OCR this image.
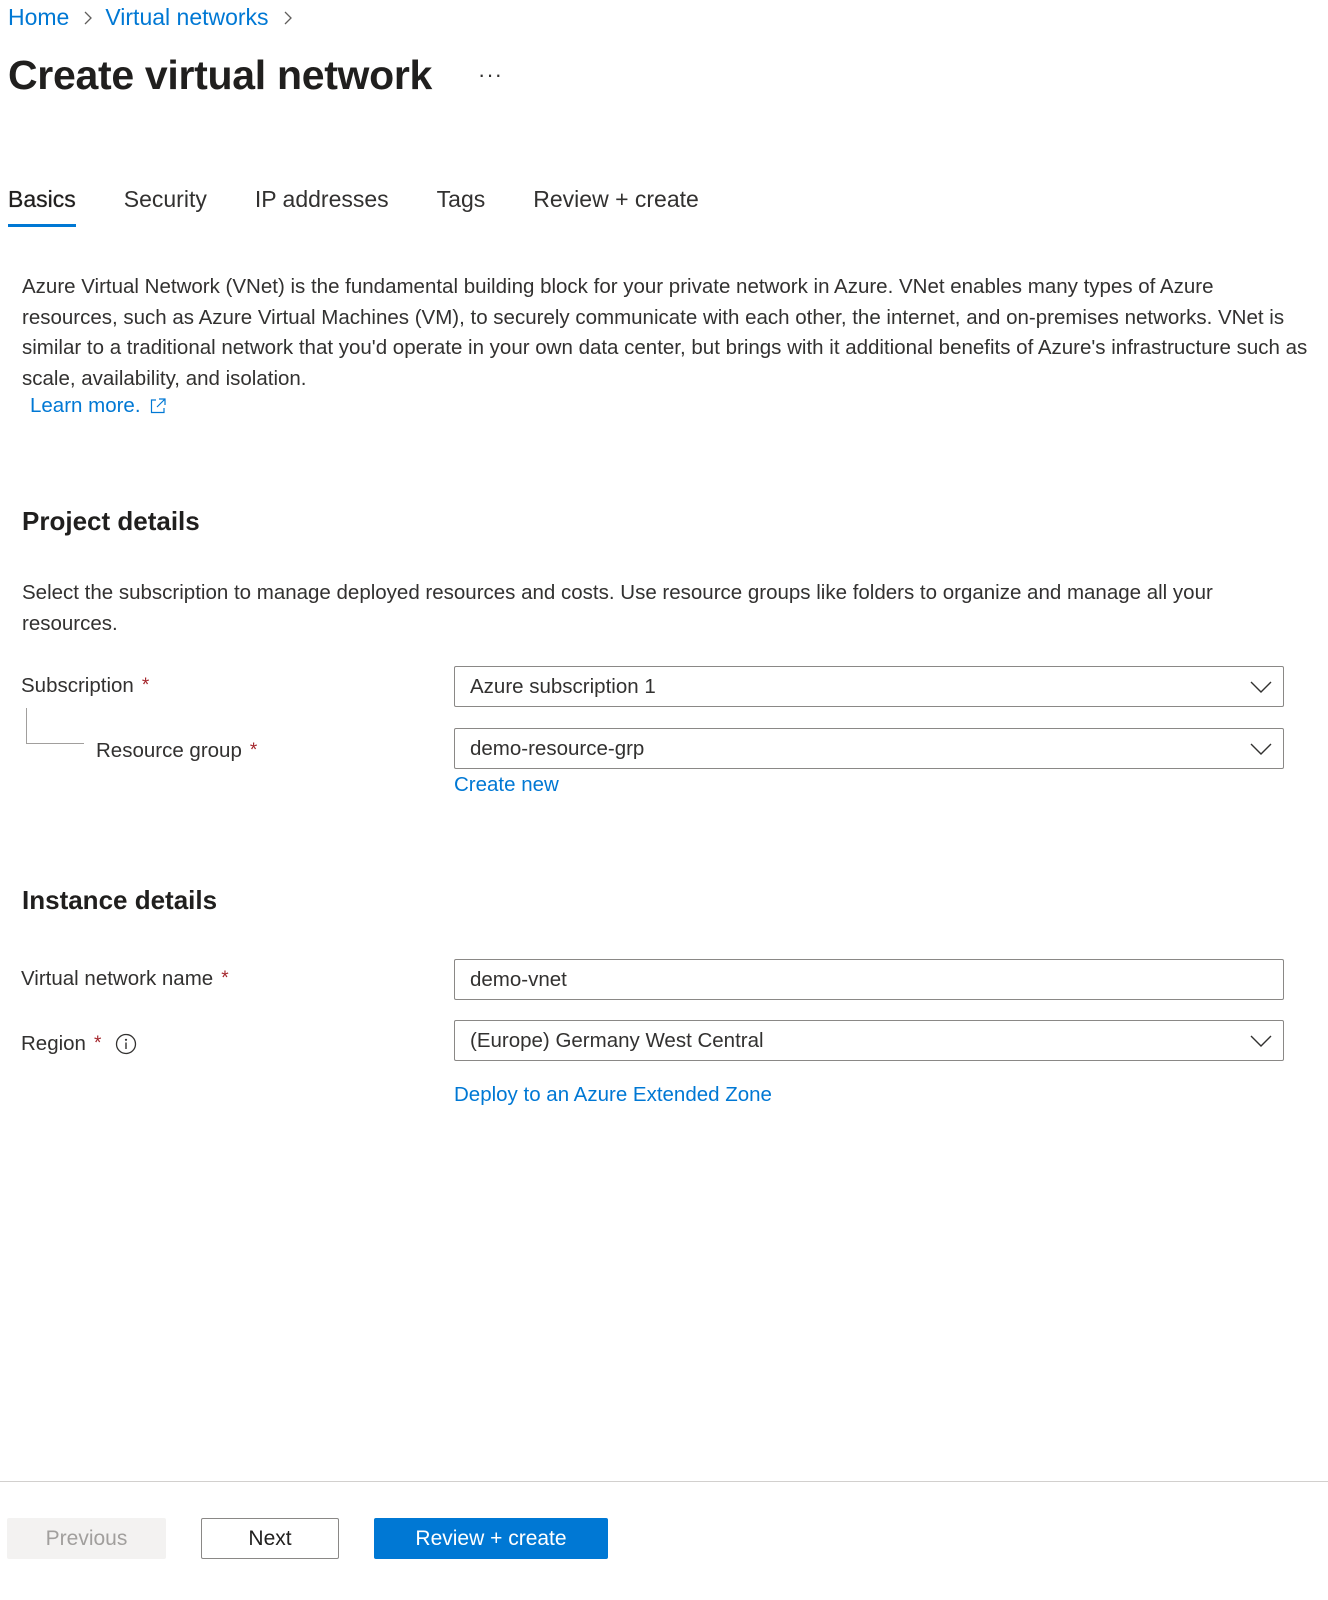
Home Virtual networks
Create virtual network ···
Basics Security IP addresses Tags Review + create

Azure Virtual Network (VNet) is the fundamental building block for your private network in Azure. VNet enables many types of Azure resources, such as Azure Virtual Machines (VM), to securely communicate with each other, the internet, and on-premises networks. VNet is similar to a traditional network that you'd operate in your own data center, but brings with it additional benefits of Azure's infrastructure such as scale, availability, and isolation.

Learn more.
Project details

Select the subscription to manage deployed resources and costs. Use resource groups like folders to organize and manage all your resources.

Subscription *	Azure subscription 1
Resource group *	demo-resource-grp
Create new
Instance details
Virtual network name *	demo-vnet
Region *	(Europe) Germany West Central
Deploy to an Azure Extended Zone
Previous	Next	Review + create
